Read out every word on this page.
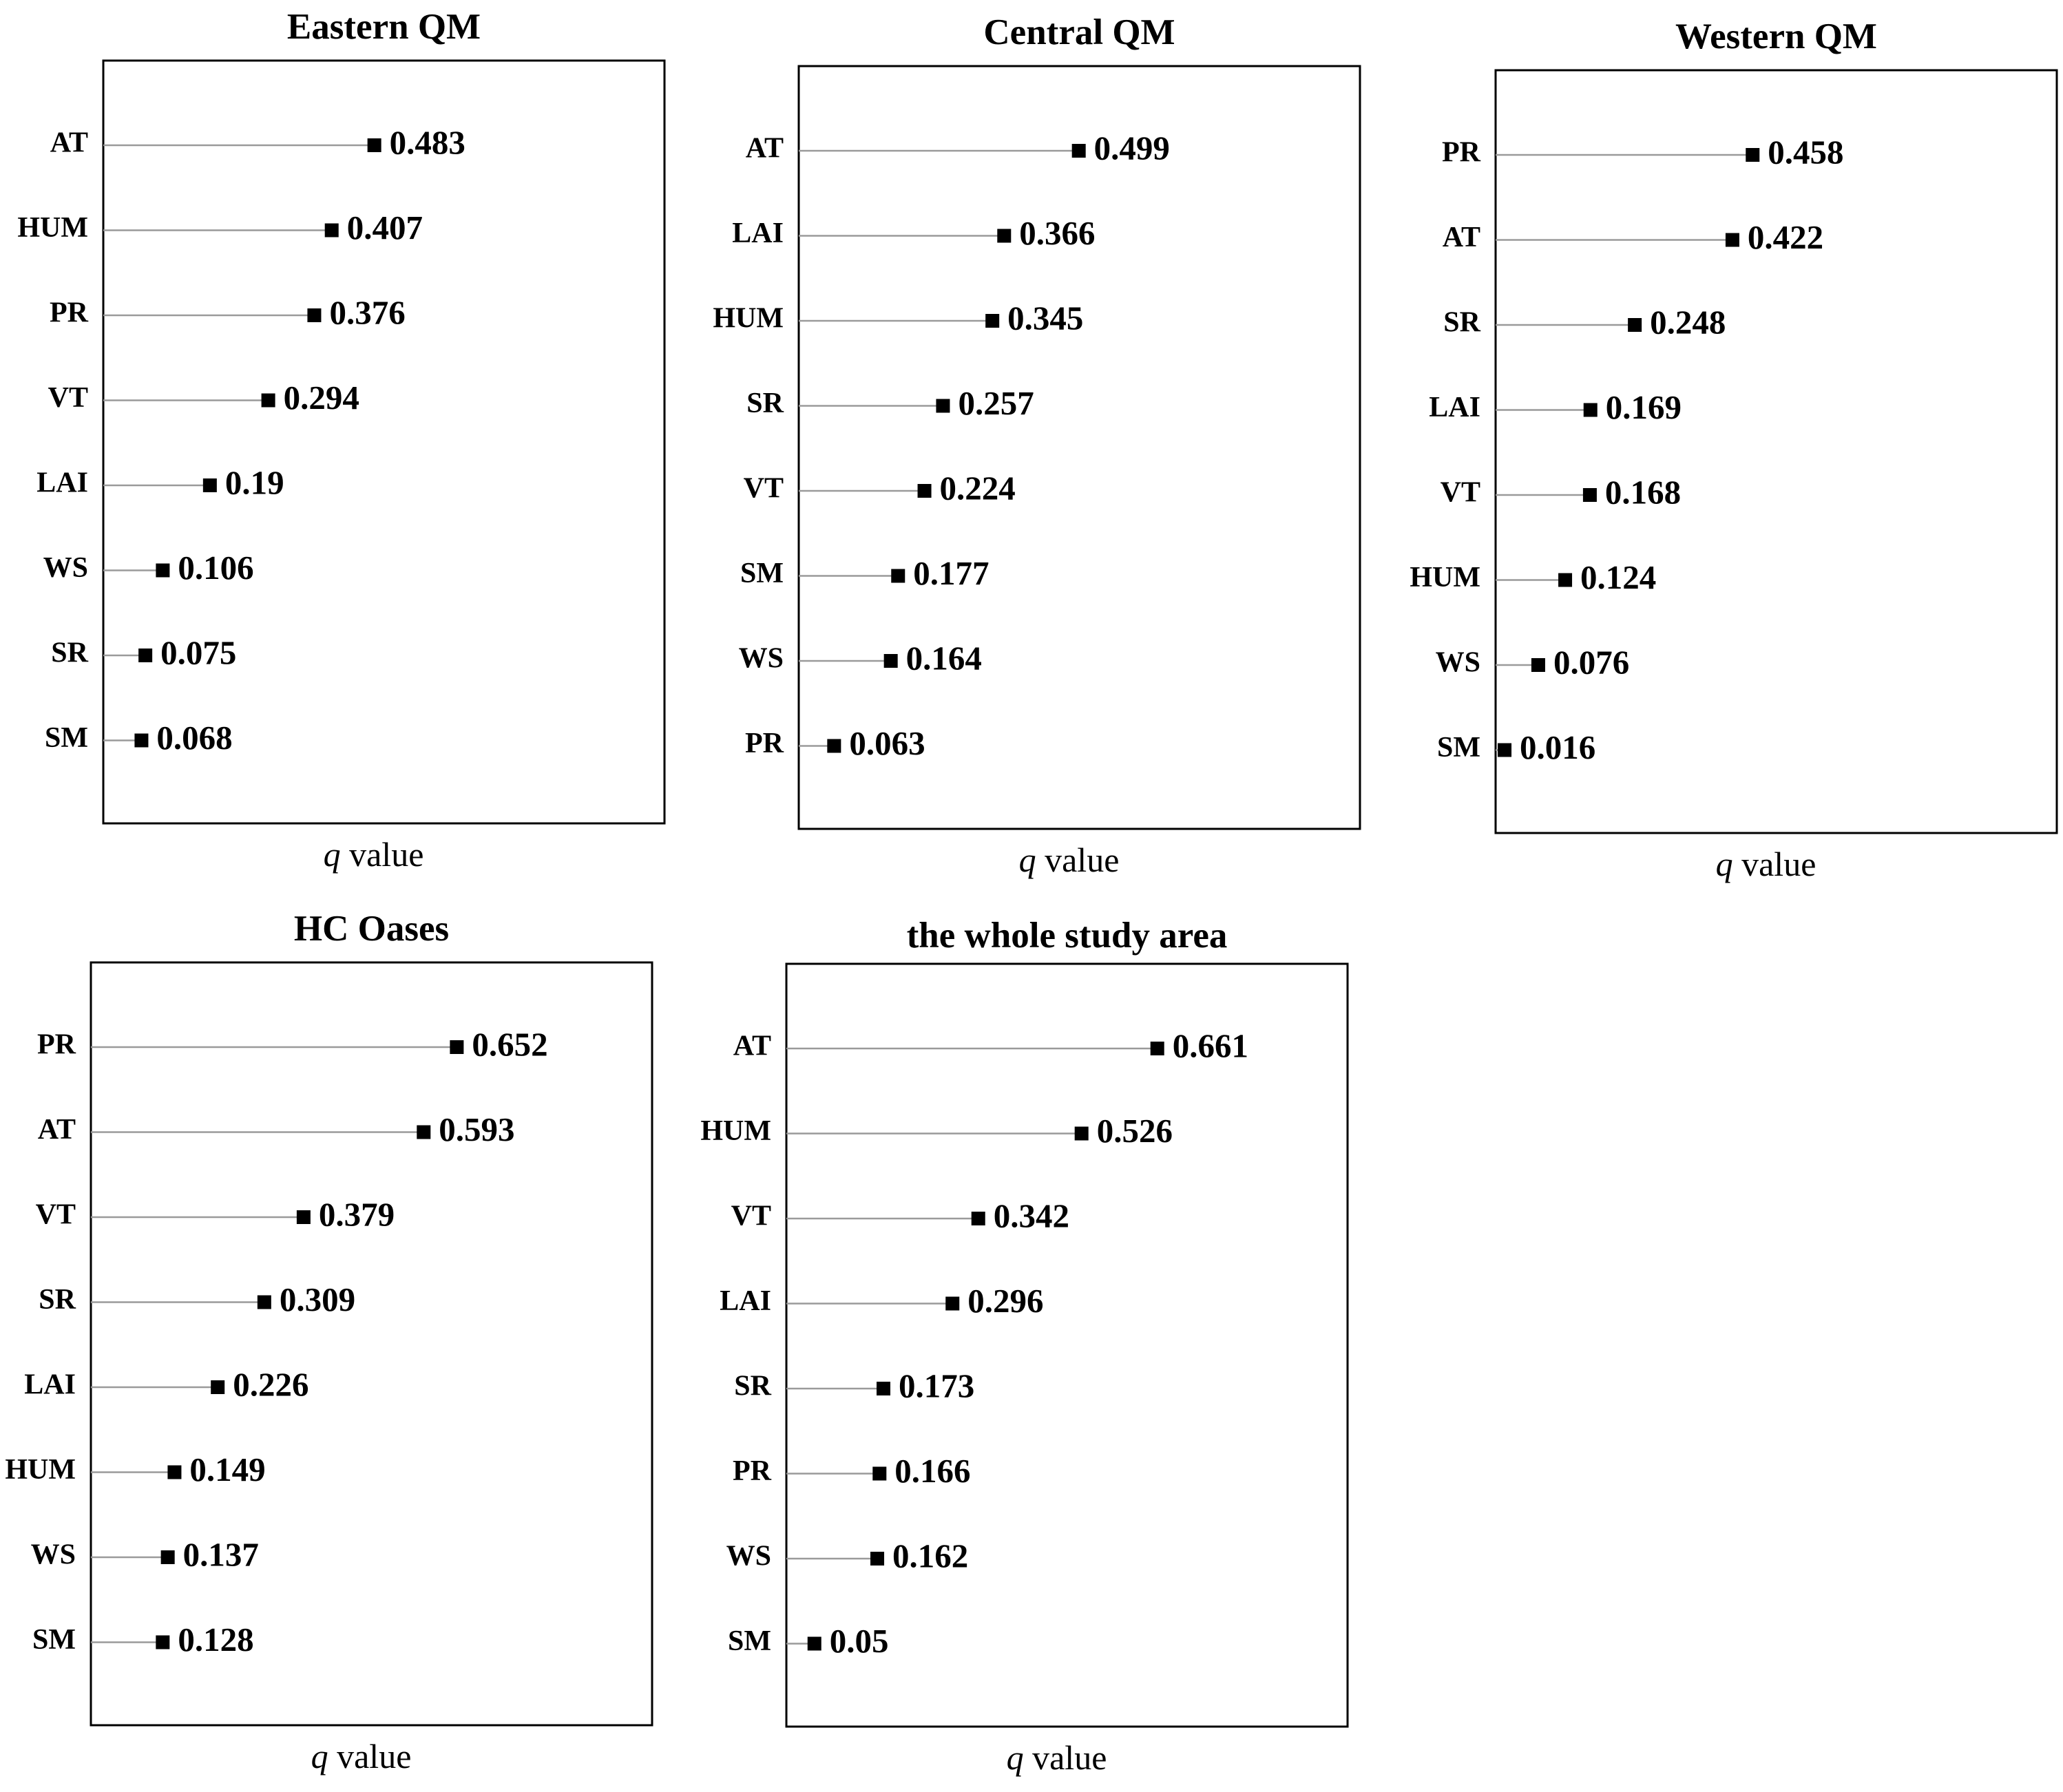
Eastern QM
AT	0.483
HUM	0.407
PR	0.376
VT	0.294
LAI	0.19
WS	0.106
SR 0.075
SM 0.068
q value
Central QM
AT	0.499
LAI	0.366
HUM	0.345
SR	0.257
VT	0.224
SM	0.177
WS	0.164
PR 0.063
q value
Western QM
PR	0.458
AT	0.422
SR	0.248
LAI	0.169
VT	0.168
HUM	0.124
WS 0.076
SM 0.016
q value
HC Oases
PR	0.652
AT	0.593
VT	0.379
SR	0.309
LAI	0.226
HUM	0.149
WS	0.137
SM	0.128
q value
the whole study area
AT	0.661
HUM	0.526
VT	0.342
LAI	0.296
SR	0.173
PR	0.166
WS	0.162
SM 0.05
q value
